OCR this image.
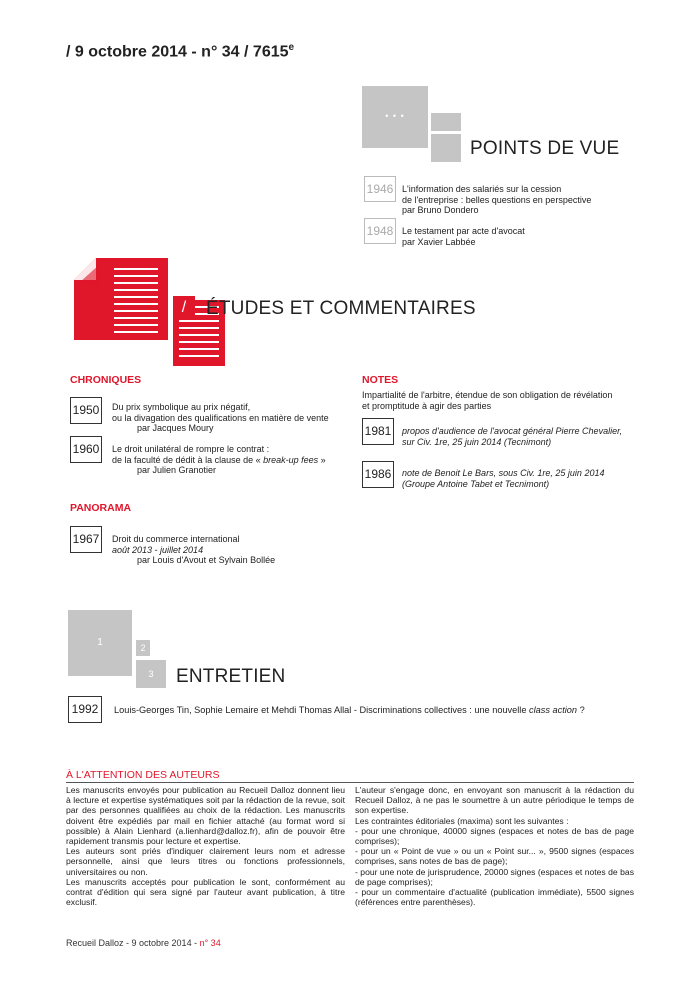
/ 9 octobre 2014 - n° 34 / 7615e
• • •
POINTS DE VUE
1946 L'information des salariés sur la cession
de l'entreprise : belles questions en perspective
par Bruno Dondero
1948 Le testament par acte d'avocat
par Xavier Labbée
/	ÉTUDES ET COMMENTAIRES
CHRONIQUES
1950 Du prix symbolique au prix négatif,
ou la divagation des qualifications en matière de vente
par Jacques Moury
1960 Le droit unilatéral de rompre le contrat :
de la faculté de dédit à la clause de « break-up fees »
par Julien Granotier
PANORAMA
1967 Droit du commerce international
août 2013 - juillet 2014
par Louis d'Avout et Sylvain Bollée
NOTES
Impartialité de l'arbitre, étendue de son obligation de révélation
et promptitude à agir des parties
1981 propos d'audience de l'avocat général Pierre Chevalier,
sur Civ. 1re, 25 juin 2014 (Tecnimont)
1986 note de Benoit Le Bars, sous Civ. 1re, 25 juin 2014
(Groupe Antoine Tabet et Tecnimont)
1	2
3	ENTRETIEN
1992	Louis-Georges Tin, Sophie Lemaire et Mehdi Thomas Allal - Discriminations collectives : une nouvelle class action ?
À L'ATTENTION DES AUTEURS
Les manuscrits envoyés pour publication au Recueil Dalloz donnent lieu à lecture et expertise systématiques soit par la rédaction de la revue, soit par des personnes qualifiées au choix de la rédaction. Les manuscrits doivent être expédiés par mail en fichier attaché (au format word si possible) à Alain Lienhard (a.lienhard@dalloz.fr), afin de pouvoir être rapidement transmis pour lecture et expertise.
Les auteurs sont priés d'indiquer clairement leurs nom et adresse personnelle, ainsi que leurs titres ou fonctions professionnels, universitaires ou non.
Les manuscrits acceptés pour publication le sont, conformément au contrat d'édition qui sera signé par l'auteur avant publication, à titre exclusif.
L'auteur s'engage donc, en envoyant son manuscrit à la rédaction du Recueil Dalloz, à ne pas le soumettre à un autre périodique le temps de son expertise.
Les contraintes éditoriales (maxima) sont les suivantes :
- pour une chronique, 40000 signes (espaces et notes de bas de page comprises);
- pour un « Point de vue » ou un « Point sur... », 9500 signes (espaces comprises, sans notes de bas de page);
- pour une note de jurisprudence, 20000 signes (espaces et notes de bas de page comprises);
- pour un commentaire d'actualité (publication immédiate), 5500 signes (références entre parenthèses).
Recueil Dalloz - 9 octobre 2014 - n° 34
